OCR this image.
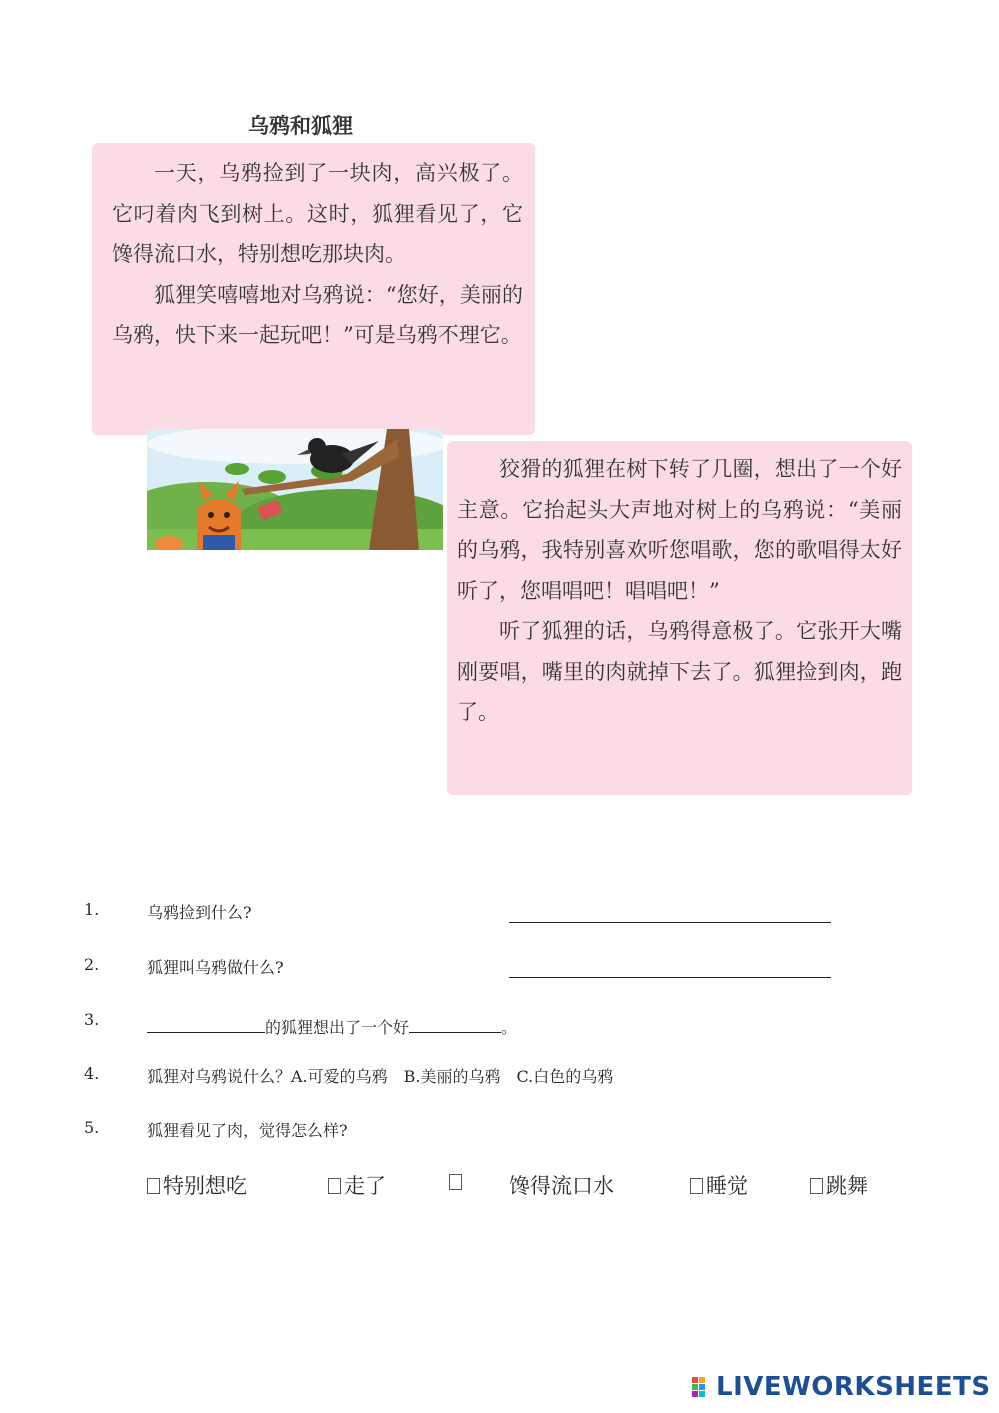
乌鸦和狐狸

一天，乌鸦捡到了一块肉，高兴极了。它叼着肉飞到树上。这时，狐狸看见了，它馋得流口水，特别想吃那块肉。

狐狸笑嘻嘻地对乌鸦说：“您好，美丽的乌鸦，快下来一起玩吧！”可是乌鸦不理它。

狡猾的狐狸在树下转了几圈，想出了一个好主意。它抬起头大声地对树上的乌鸦说：“美丽的乌鸦，我特别喜欢听您唱歌，您的歌唱得太好听了，您唱唱吧！唱唱吧！”

听了狐狸的话，乌鸦得意极了。它张开大嘴刚要唱，嘴里的肉就掉下去了。狐狸捡到肉，跑了。

1.	乌鸦捡到什么?
2.	狐狸叫乌鸦做什么?
3.	的狐狸想出了一个好	。
4.	狐狸对乌鸦说什么？A.可爱的乌鸦　B.美丽的乌鸦　C.白色的乌鸦
5.	狐狸看见了肉，觉得怎么样?
特别想吃	走了	馋得流口水	睡觉	跳舞
LIVEWORKSHEETS
